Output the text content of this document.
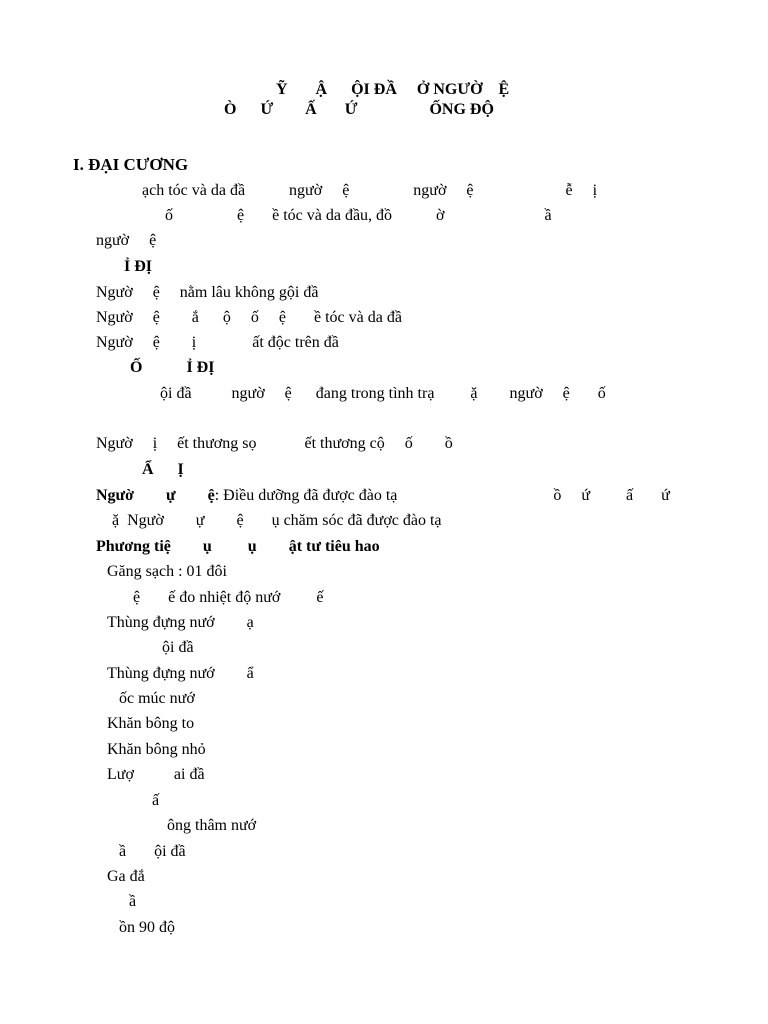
Ỹ       Ậ      ỘI ĐẦ     Ở NGƯỜ    Ệ
Ò      Ứ        Ấ       Ứ                  ỐNG ĐỘ
I. ĐẠI CƯƠNG
ạch tóc và da đầ           ngườ     ệ                ngườ     ệ                       ễ     ị
ố                ệ       ề tóc và da đầu, đồ           ờ                         ầ
ngườ     ệ
Ỉ ĐỊ
Ngườ     ệ     nằm lâu không gội đầ
Ngườ     ệ        ắ      ộ     ố     ệ       ề tóc và da đầ
Ngườ     ệ        ị              ất độc trên đầ
Ố           Ỉ ĐỊ
ội đầ          ngườ     ệ      đang trong tình trạ         ặ        ngườ     ệ       ố
Ngườ     ị     ết thương sọ            ết thương cộ     ố        ồ
Ẩ      Ị
Ngườ        ự        ệ: Điều dưỡng đã được đào tạ                                       ồ     ứ         ấ       ứ
ặ  Ngườ        ự        ệ       ụ chăm sóc đã được đào tạ
Phương tiệ        ụ         ụ        ật tư tiêu hao
Găng sạch : 01 đôi
ệ       ế đo nhiệt độ nướ         ế
Thùng đựng nướ        ạ
ội đầ
Thùng đựng nướ        ẩ
ốc múc nướ
Khăn bông to
Khăn bông nhỏ
Lượ          ai đầ
ấ
ông thâm nướ
ầ       ội đầ
Ga đắ
ầ
ồn 90 độ
